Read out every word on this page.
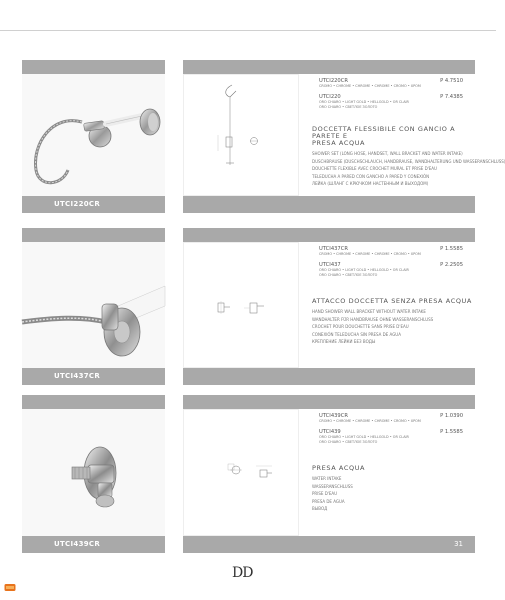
UTCI220CR
UTCI220CR	P 4.7510
CROMO • CHROME • CHROME • CHROME • CROMO • ХРОМ
UTCI220	P 7.4385
ORO CHIARO • LIGHT GOLD • HELLGOLD • OR CLAIR
ORO CHIARO • СВЕТЛОЕ ЗОЛОТО
DOCCETTA FLESSIBILE CON GANCIO A PARETE E
PRESA ACQUA
SHOWER SET (LONG HOSE, HANDSET, WALL BRACKET AND WATER INTAKE)
DUSCHBRAUSE (DUSCHSCHLAUCH, HANDBRAUSE, WANDHALTERUNG UND WASSERANSCHLUSS)
DOUCHETTE FLEXIBLE AVEC CROCHET MURAL ET PRISE D'EAU
TELEDUCHA A PARED CON GANCHO A PARED Y CONEXIÓN
ЛЕЙКА (ШЛАНГ С КРЮЧКОМ НАСТЕННЫМ И ВЫХОДОМ)
UTCI437CR
UTCI437CR	P 1.5585
CROMO • CHROME • CHROME • CHROME • CROMO • ХРОМ
UTCI437	P 2.2505
ORO CHIARO • LIGHT GOLD • HELLGOLD • OR CLAIR
ORO CHIARO • СВЕТЛОЕ ЗОЛОТО
ATTACCO DOCCETTA SENZA PRESA ACQUA
HAND SHOWER WALL BRACKET WITHOUT WATER INTAKE
WANDHALTER FÜR HANDBRAUSE OHNE WASSERANSCHLUSS
CROCHET POUR DOUCHETTE SANS PRISE D'EAU
CONEXIÓN TELEDUCHA SIN PRESA DE AGUA
КРЕПЛЕНИЕ ЛЕЙКИ БЕЗ ВОДЫ
UTCI439CR
UTCI439CR	P 1.0390
CROMO • CHROME • CHROME • CHROME • CROMO • ХРОМ
UTCI439	P 1.5585
ORO CHIARO • LIGHT GOLD • HELLGOLD • OR CLAIR
ORO CHIARO • СВЕТЛОЕ ЗОЛОТО
PRESA ACQUA
WATER INTAKE
WASSERANSCHLUSS
PRISE D'EAU
PRESA DE AGUA
ВЫВОД
31
DD
